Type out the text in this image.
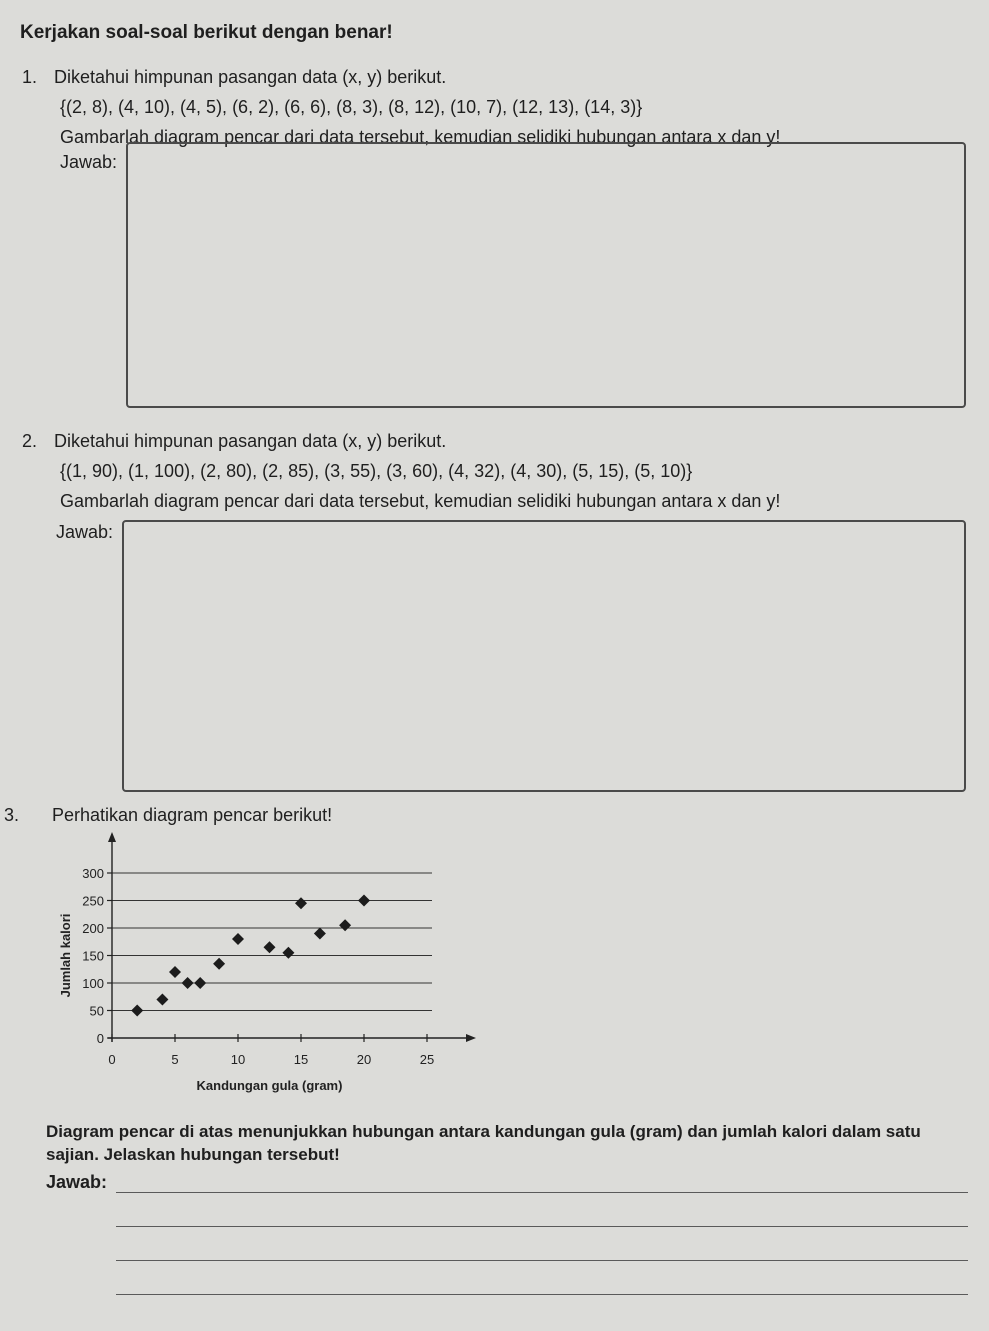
Kerjakan soal-soal berikut dengan benar!
1. Diketahui himpunan pasangan data (x, y) berikut.
{(2, 8), (4, 10), (4, 5), (6, 2), (6, 6), (8, 3), (8, 12), (10, 7), (12, 13), (14, 3)}
Gambarlah diagram pencar dari data tersebut, kemudian selidiki hubungan antara x dan y!
Jawab:
2. Diketahui himpunan pasangan data (x, y) berikut.
{(1, 90), (1, 100), (2, 80), (2, 85), (3, 55), (3, 60), (4, 32), (4, 30), (5, 15), (5, 10)}
Gambarlah diagram pencar dari data tersebut, kemudian selidiki hubungan antara x dan y!
Jawab:
3. Perhatikan diagram pencar berikut!
0
50
100
150
200
250
300
0	5	10	15	20	25
Kandungan gula (gram)
Jumlah kalori
Diagram pencar di atas menunjukkan hubungan antara kandungan gula (gram) dan jumlah kalori dalam satu sajian. Jelaskan hubungan tersebut!
Jawab:
